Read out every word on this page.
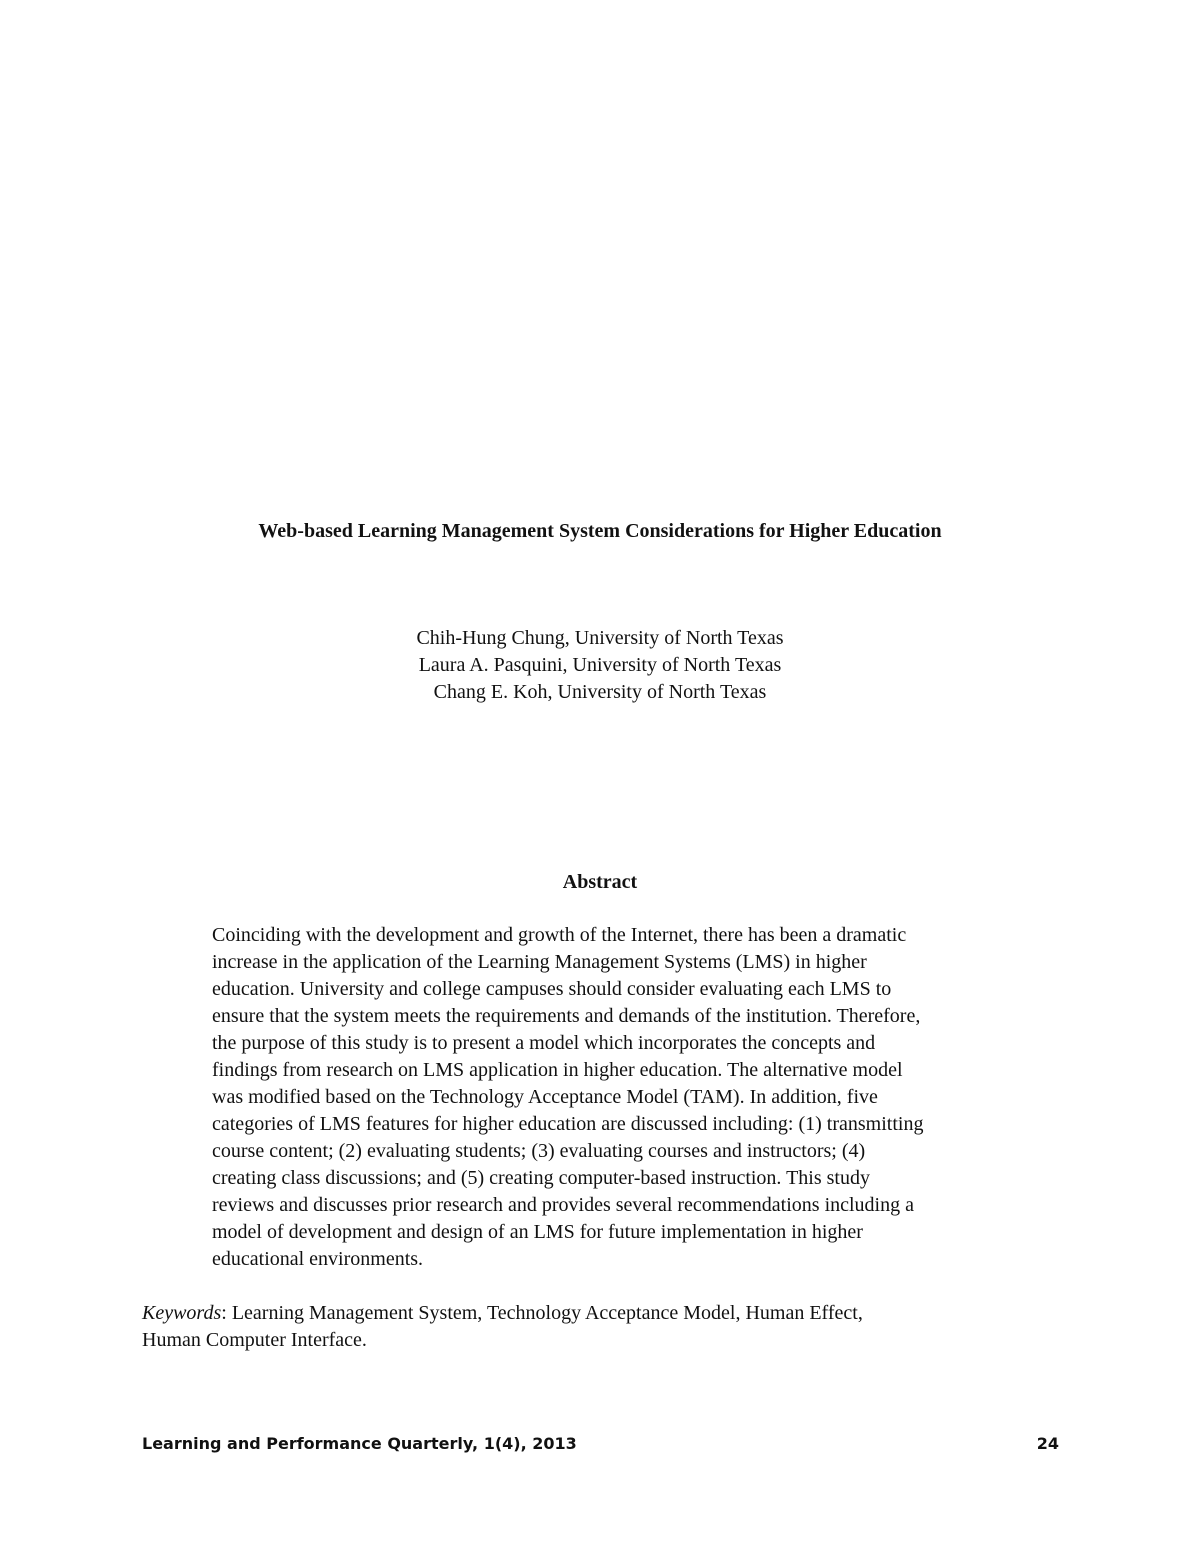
Web-based Learning Management System Considerations for Higher Education
Chih-Hung Chung, University of North Texas
Laura A. Pasquini, University of North Texas
Chang E. Koh, University of North Texas
Abstract
Coinciding with the development and growth of the Internet, there has been a dramatic
increase in the application of the Learning Management Systems (LMS) in higher
education. University and college campuses should consider evaluating each LMS to
ensure that the system meets the requirements and demands of the institution. Therefore,
the purpose of this study is to present a model which incorporates the concepts and
findings from research on LMS application in higher education. The alternative model
was modified based on the Technology Acceptance Model (TAM). In addition, five
categories of LMS features for higher education are discussed including: (1) transmitting
course content; (2) evaluating students; (3) evaluating courses and instructors; (4)
creating class discussions; and (5) creating computer-based instruction. This study
reviews and discusses prior research and provides several recommendations including a
model of development and design of an LMS for future implementation in higher
educational environments.
Keywords: Learning Management System, Technology Acceptance Model, Human Effect,
Human Computer Interface.
Learning and Performance Quarterly, 1(4), 2013	24
